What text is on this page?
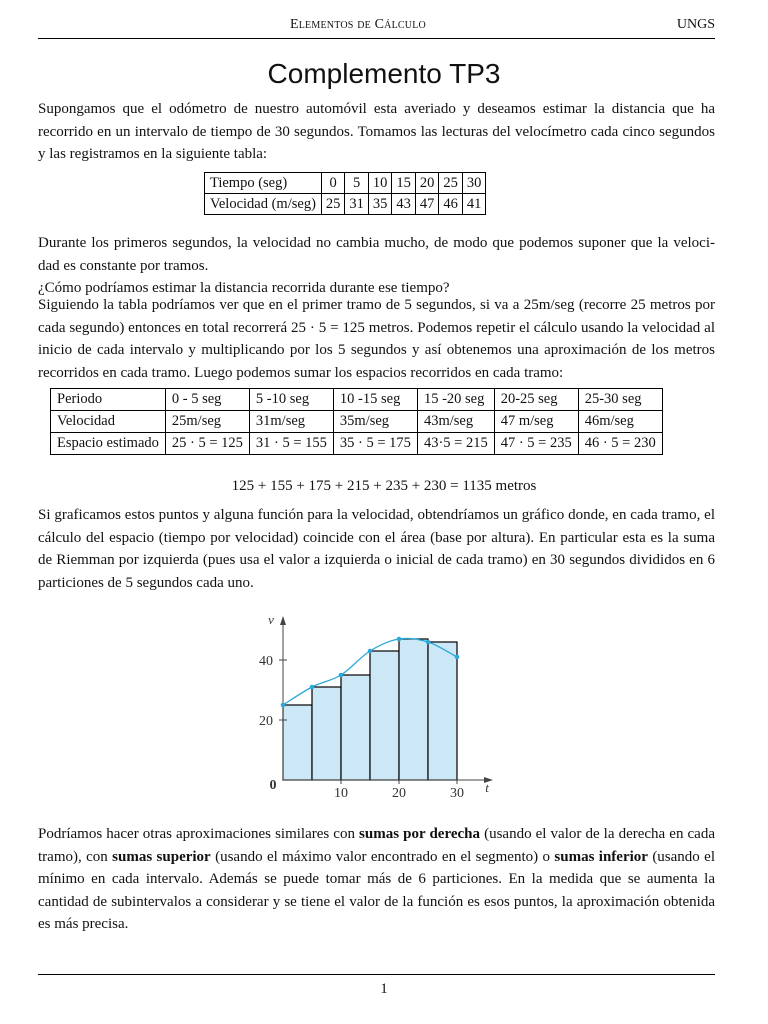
Elementos de Cálculo	UNGS
Complemento TP3

Supongamos que el odómetro de nuestro automóvil esta averiado y deseamos estimar la distancia que ha recorrido en un intervalo de tiempo de 30 segundos. Tomamos las lecturas del velocímetro cada cinco segundos y las registramos en la siguiente tabla:

Tiempo (seg)	0	5	10	15	20	25	30
Velocidad (m/seg)	25	31	35	43	47	46	41

Durante los primeros segundos, la velocidad no cambia mucho, de modo que podemos suponer que la veloci-dad es constante por tramos.

¿Cómo podríamos estimar la distancia recorrida durante ese tiempo?

Siguiendo la tabla podríamos ver que en el primer tramo de 5 segundos, si va a 25m/seg (recorre 25 metros por cada segundo) entonces en total recorrerá 25 · 5 = 125 metros. Podemos repetir el cálculo usando la velocidad al inicio de cada intervalo y multiplicando por los 5 segundos y así obtenemos una aproximación de los metros recorridos en cada tramo. Luego podemos sumar los espacios recorridos en cada tramo:

Periodo	0 - 5 seg	5 -10 seg	10 -15 seg	15 -20 seg	20-25 seg	25-30 seg
Velocidad	25m/seg	31m/seg	35m/seg	43m/seg	47 m/seg	46m/seg
Espacio estimado	25 · 5 = 125	31 · 5 = 155	35 · 5 = 175	43·5 = 215	47 · 5 = 235	46 · 5 = 230
125 + 155 + 175 + 215 + 235 + 230 = 1135 metros

Si graficamos estos puntos y alguna función para la velocidad, obtendríamos un gráfico donde, en cada tramo, el cálculo del espacio (tiempo por velocidad) coincide con el área (base por altura). En particular esta es la suma de Riemman por izquierda (pues usa el valor a izquierda o inicial de cada tramo) en 30 segundos divididos en 6 particiones de 5 segundos cada uno.

20
40
10	20	30
0
v
t

Podríamos hacer otras aproximaciones similares con sumas por derecha (usando el valor de la derecha en cada tramo), con sumas superior (usando el máximo valor encontrado en el segmento) o sumas inferior (usando el mínimo en cada intervalo. Además se puede tomar más de 6 particiones. En la medida que se aumenta la cantidad de subintervalos a considerar y se tiene el valor de la función es esos puntos, la aproximación obtenida es más precisa.

1
